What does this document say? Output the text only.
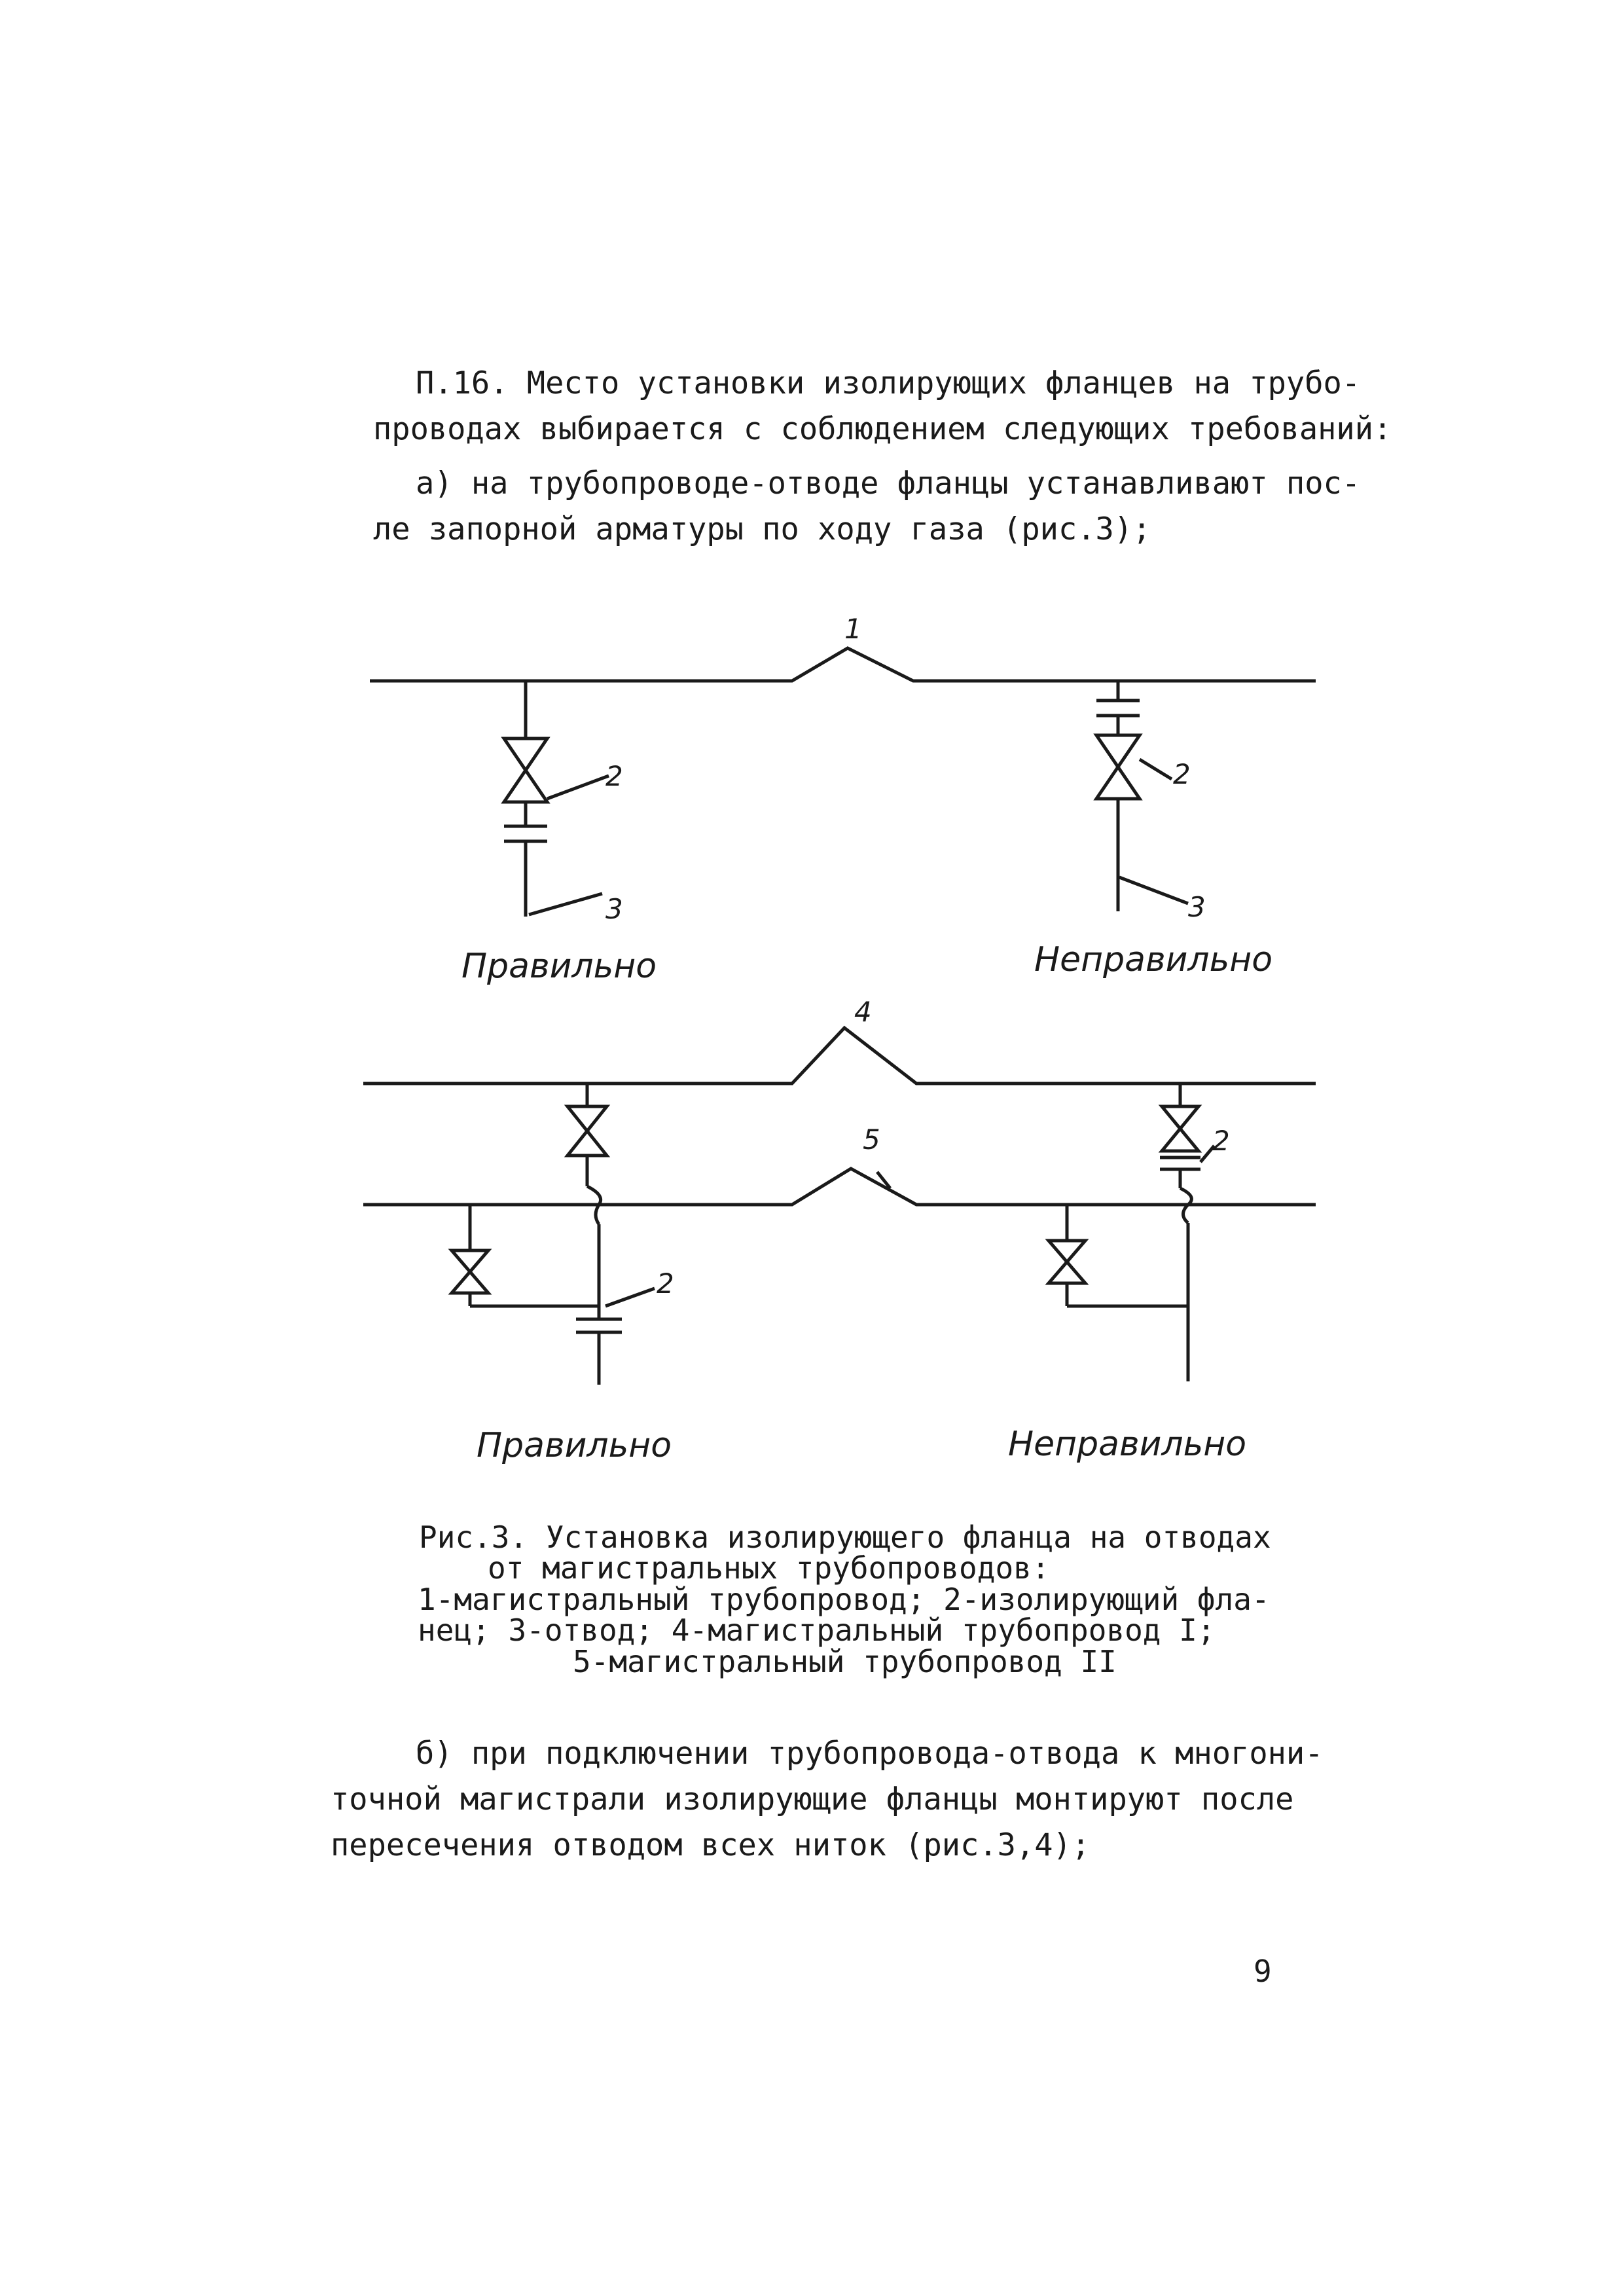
П.16. Место установки изолирующих фланцев на трубо-
проводах выбирается с соблюдением следующих требований:
а) на трубопроводе-отводе фланцы устанавливают пос-
ле запорной арматуры по ходу газа (рис.3);
1
2
3
2
3
4
5	2
2
Правильно	Неправильно
Правильно	Неправильно
Рис.3. Установка изолирующего фланца на отводах
от магистральных трубопроводов:
1-магистральный трубопровод; 2-изолирующий фла-
нец; 3-отвод; 4-магистральный трубопровод I;
5-магистральный трубопровод II
б) при подключении трубопровода-отвода к многони-
точной магистрали изолирующие фланцы монтируют после
пересечения отводом всех ниток (рис.3,4);
9
